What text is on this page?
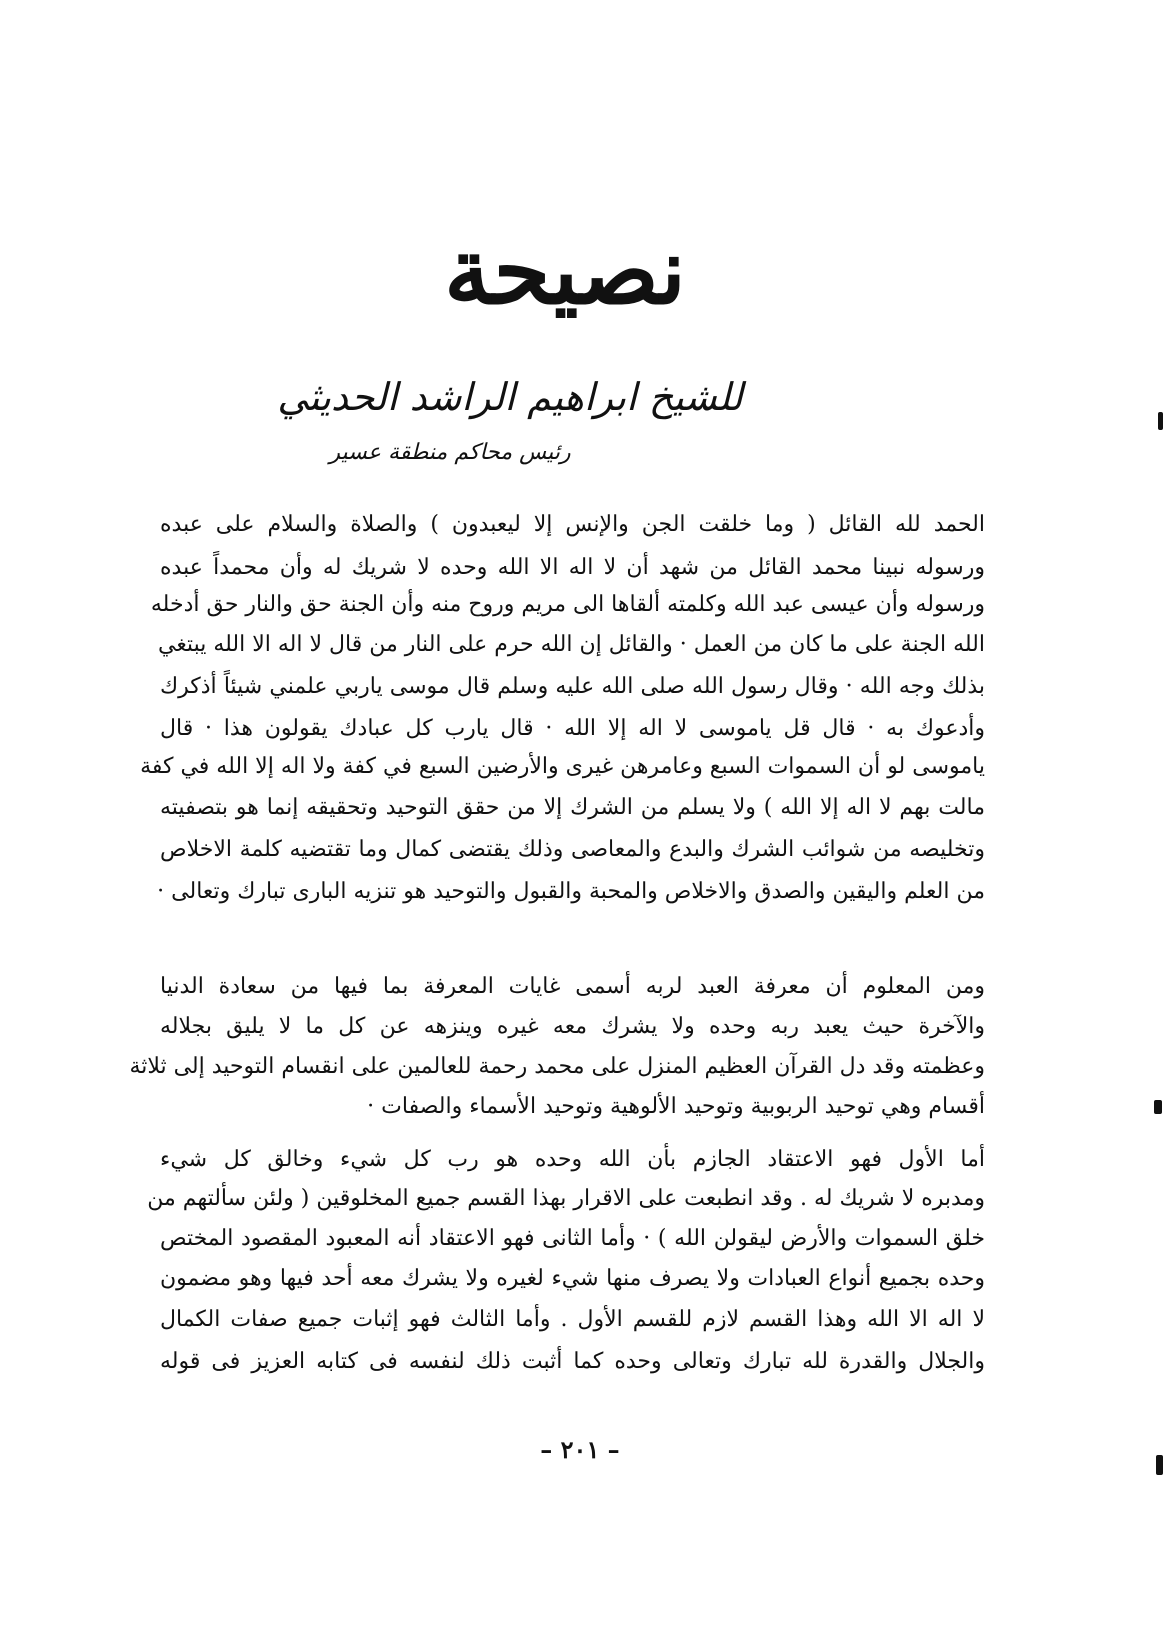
نصيحة
للشيخ ابراهيم الراشد الحديثي
رئيس محاكم منطقة عسير
الحمد لله القائل ( وما خلقت الجن والإنس إلا ليعبدون ) والصلاة والسلام على عبده
ورسوله نبينا محمد القائل من شهد أن لا اله الا الله وحده لا شريك له وأن محمداً عبده
ورسوله وأن عيسى عبد الله وكلمته ألقاها الى مريم وروح منه وأن الجنة حق والنار حق أدخله
الله الجنة على ما كان من العمل · والقائل إن الله حرم على النار من قال لا اله الا الله يبتغي
بذلك وجه الله · وقال رسول الله صلى الله عليه وسلم قال موسى ياربي علمني شيئاً أذكرك
وأدعوك به · قال قل ياموسى لا اله إلا الله · قال يارب كل عبادك يقولون هذا · قال
ياموسى لو أن السموات السبع وعامرهن غيرى والأرضين السبع في كفة ولا اله إلا الله في كفة
مالت بهم لا اله إلا الله ) ولا يسلم من الشرك إلا من حقق التوحيد وتحقيقه إنما هو بتصفيته
وتخليصه من شوائب الشرك والبدع والمعاصى وذلك يقتضى كمال وما تقتضيه كلمة الاخلاص
من العلم واليقين والصدق والاخلاص والمحبة والقبول والتوحيد هو تنزيه البارى تبارك وتعالى ·
ومن المعلوم أن معرفة العبد لربه أسمى غايات المعرفة بما فيها من سعادة الدنيا
والآخرة حيث يعبد ربه وحده ولا يشرك معه غيره وينزهه عن كل ما لا يليق بجلاله
وعظمته وقد دل القرآن العظيم المنزل على محمد رحمة للعالمين على انقسام التوحيد إلى ثلاثة
أقسام وهي توحيد الربوبية وتوحيد الألوهية وتوحيد الأسماء والصفات ·
أما الأول فهو الاعتقاد الجازم بأن الله وحده هو رب كل شيء وخالق كل شيء
ومدبره لا شريك له . وقد انطبعت على الاقرار بهذا القسم جميع المخلوقين ( ولئن سألتهم من
خلق السموات والأرض ليقولن الله ) · وأما الثانى فهو الاعتقاد أنه المعبود المقصود المختص
وحده بجميع أنواع العبادات ولا يصرف منها شيء لغيره ولا يشرك معه أحد فيها وهو مضمون
لا اله الا الله وهذا القسم لازم للقسم الأول . وأما الثالث فهو إثبات جميع صفات الكمال
والجلال والقدرة لله تبارك وتعالى وحده كما أثبت ذلك لنفسه فى كتابه العزيز فى قوله
– ٢٠١ –
